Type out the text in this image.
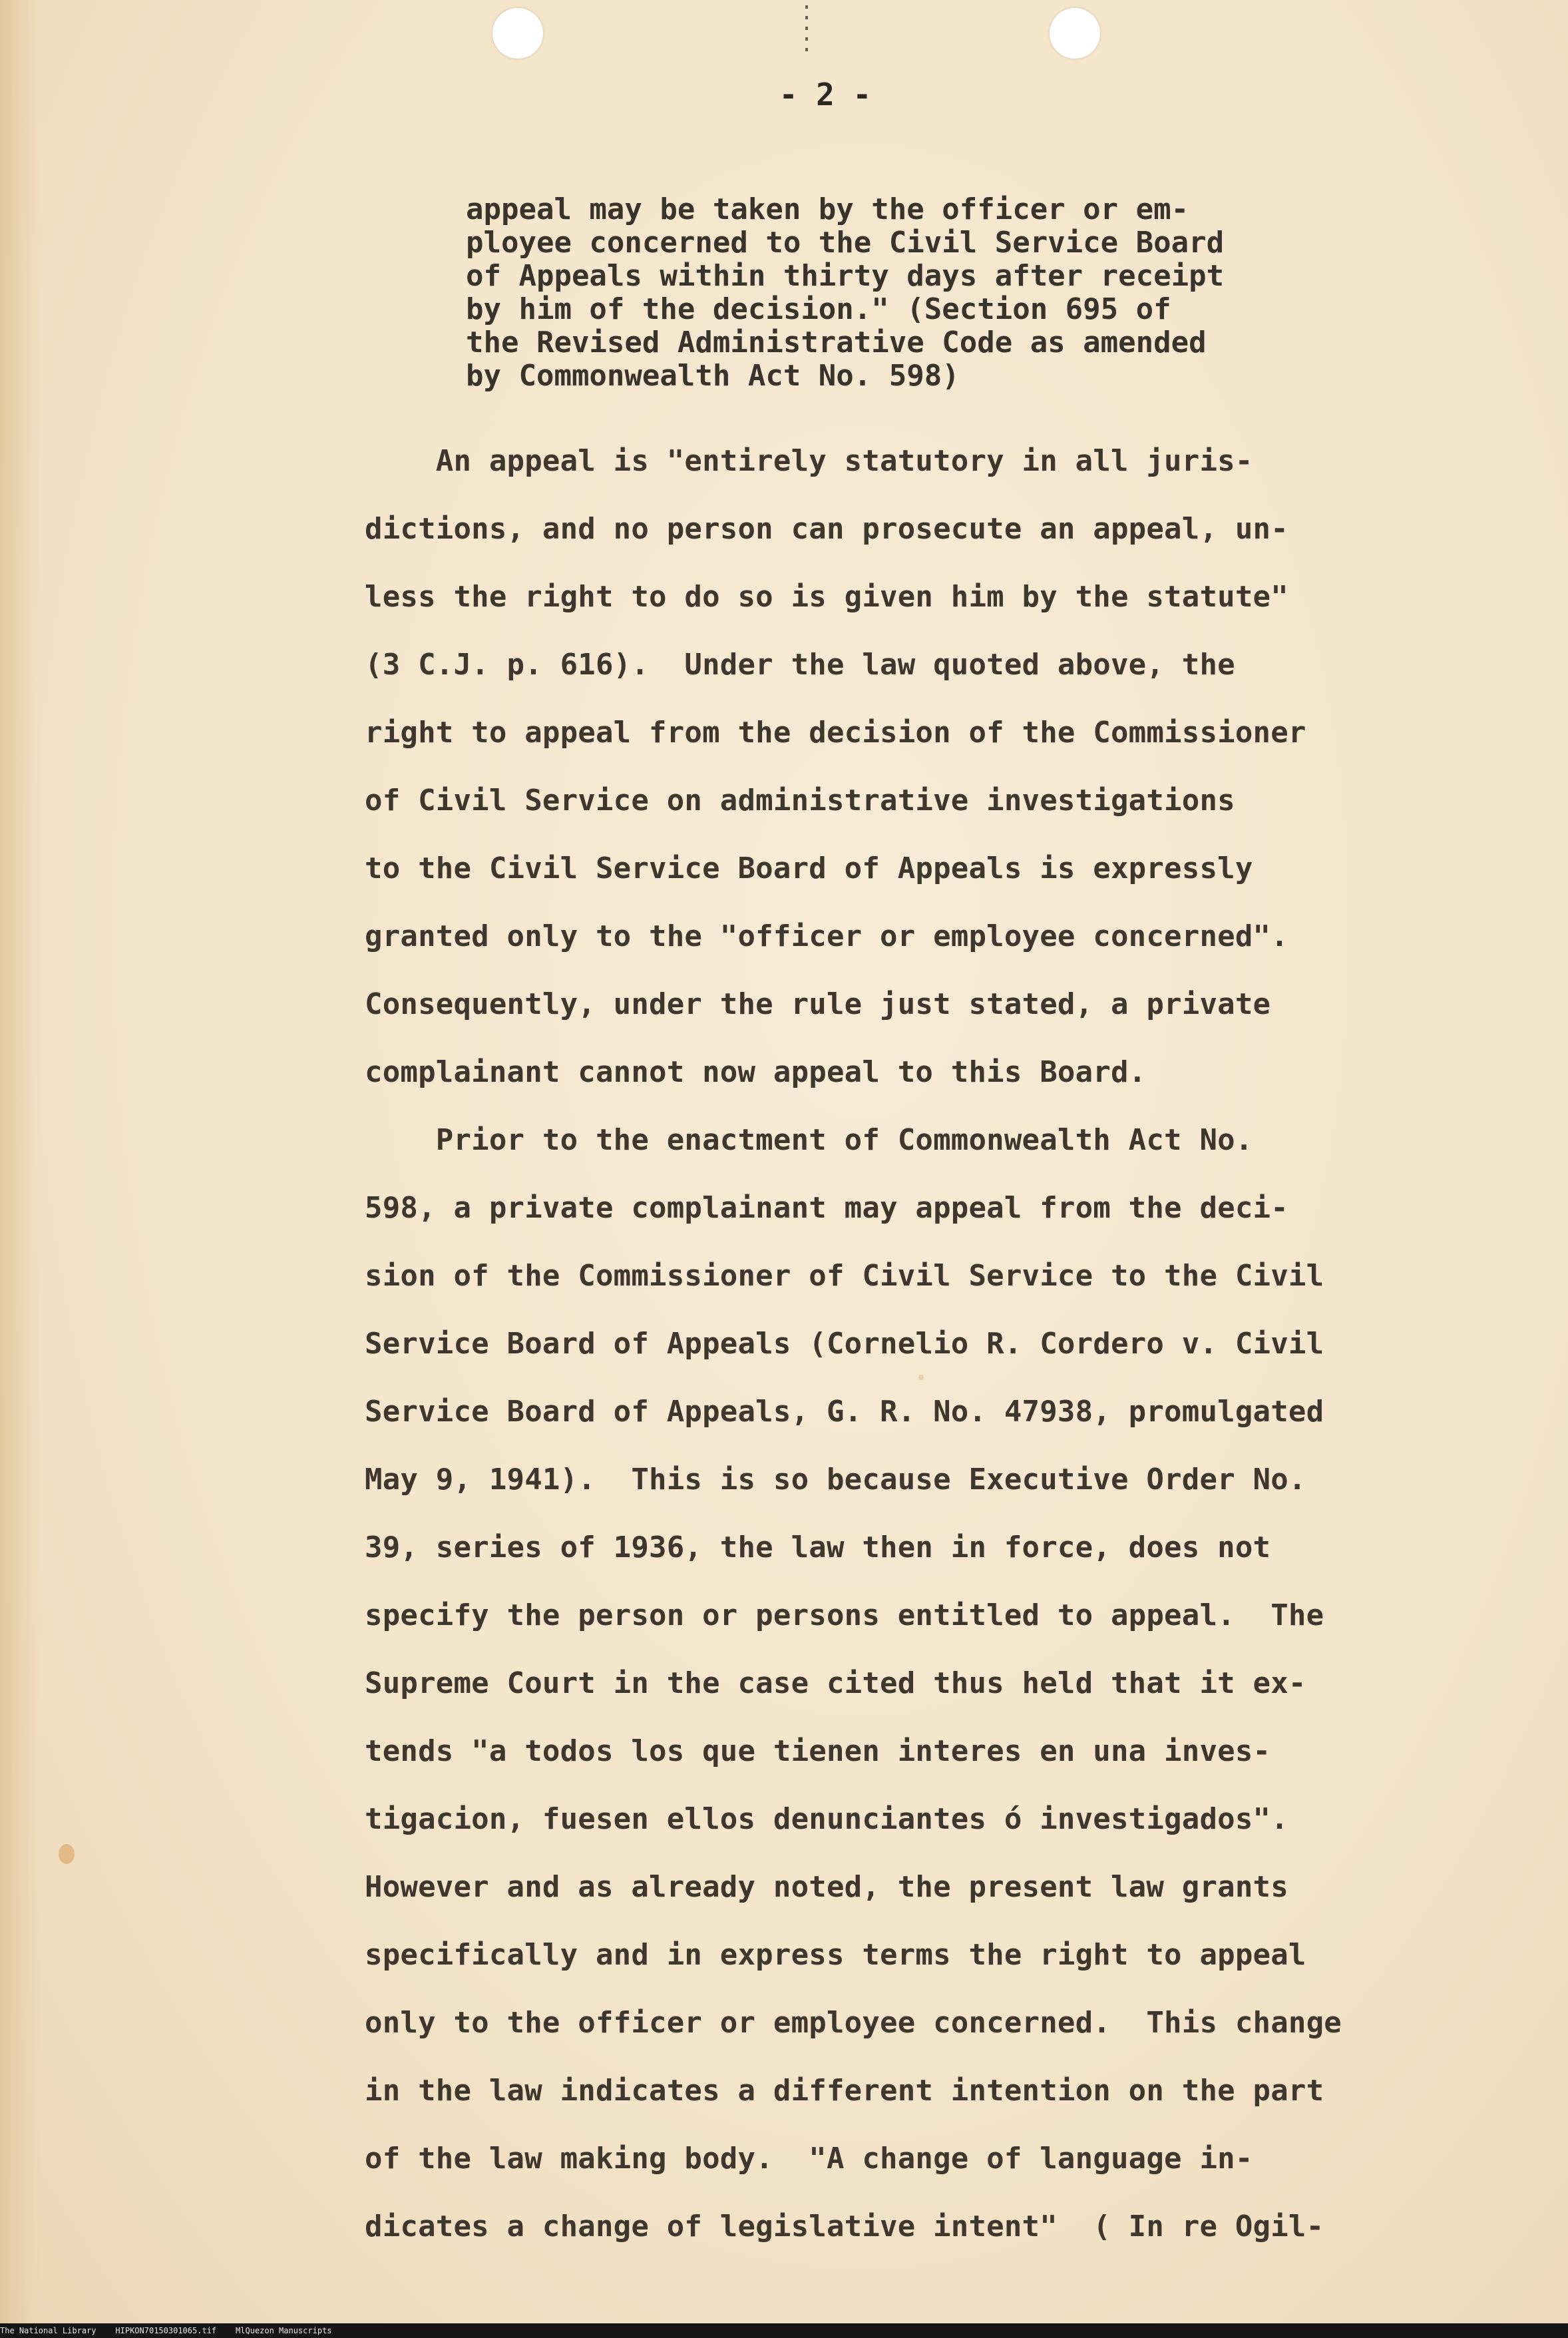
- 2 -
appeal may be taken by the officer or em-
ployee concerned to the Civil Service Board
of Appeals within thirty days after receipt
by him of the decision." (Section 695 of
the Revised Administrative Code as amended
by Commonwealth Act No. 598)
An appeal is "entirely statutory in all juris-
dictions, and no person can prosecute an appeal, un-
less the right to do so is given him by the statute"
(3 C.J. p. 616).  Under the law quoted above, the
right to appeal from the decision of the Commissioner
of Civil Service on administrative investigations
to the Civil Service Board of Appeals is expressly
granted only to the "officer or employee concerned".
Consequently, under the rule just stated, a private
complainant cannot now appeal to this Board.
Prior to the enactment of Commonwealth Act No.
598, a private complainant may appeal from the deci-
sion of the Commissioner of Civil Service to the Civil
Service Board of Appeals (Cornelio R. Cordero v. Civil
Service Board of Appeals, G. R. No. 47938, promulgated
May 9, 1941).  This is so because Executive Order No.
39, series of 1936, the law then in force, does not
specify the person or persons entitled to appeal.  The
Supreme Court in the case cited thus held that it ex-
tends "a todos los que tienen interes en una inves-
tigacion, fuesen ellos denunciantes ó investigados".
However and as already noted, the present law grants
specifically and in express terms the right to appeal
only to the officer or employee concerned.  This change
in the law indicates a different intention on the part
of the law making body.  "A change of language in-
dicates a change of legislative intent"  ( In re Ogil-
The National Library HIPKON70150301065.tif MlQuezon Manuscripts
